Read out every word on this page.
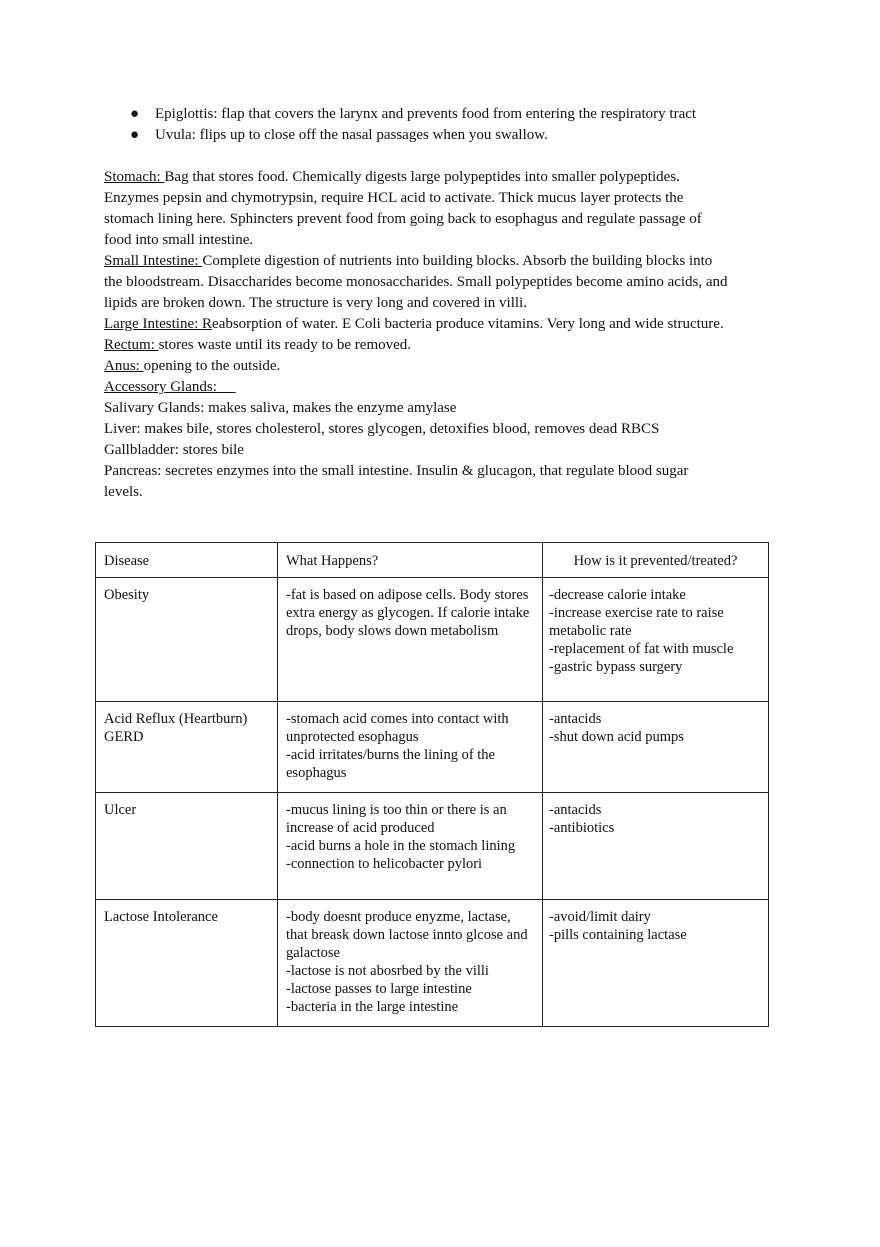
● Epiglottis: flap that covers the larynx and prevents food from entering the respiratory tract
● Uvula: flips up to close off the nasal passages when you swallow.

Stomach: Bag that stores food. Chemically digests large polypeptides into smaller polypeptides. Enzymes pepsin and chymotrypsin, require HCL acid to activate. Thick mucus layer protects the stomach lining here. Sphincters prevent food from going back to esophagus and regulate passage of food into small intestine.

Small Intestine: Complete digestion of nutrients into building blocks. Absorb the building blocks into the bloodstream. Disaccharides become monosaccharides. Small polypeptides become amino acids, and lipids are broken down. The structure is very long and covered in villi.

Large Intestine: Reabsorption of water. E Coli bacteria produce vitamins. Very long and wide structure.

Rectum: stores waste until its ready to be removed.

Anus: opening to the outside.

Accessory Glands:

Salivary Glands: makes saliva, makes the enzyme amylase

Liver: makes bile, stores cholesterol, stores glycogen, detoxifies blood, removes dead RBCS

Gallbladder: stores bile

Pancreas: secretes enzymes into the small intestine. Insulin & glucagon, that regulate blood sugar levels.

Disease	What Happens?	How is it prevented/treated?

Obesity	-fat is based on adipose cells. Body stores extra energy as glycogen. If calorie intake drops, body slows down metabolism	-decrease calorie intake
-increase exercise rate to raise metabolic rate
-replacement of fat with muscle
-gastric bypass surgery

Acid Reflux (Heartburn)
GERD	-stomach acid comes into contact with unprotected esophagus
-acid irritates/burns the lining of the esophagus	-antacids
-shut down acid pumps

Ulcer	-mucus lining is too thin or there is an increase of acid produced
-acid burns a hole in the stomach lining
-connection to helicobacter pylori	-antacids
-antibiotics

Lactose Intolerance	-body doesnt produce enyzme, lactase, that breask down lactose innto glcose and galactose
-lactose is not abosrbed by the villi
-lactose passes to large intestine
-bacteria in the large intestine	-avoid/limit dairy
-pills containing lactase
